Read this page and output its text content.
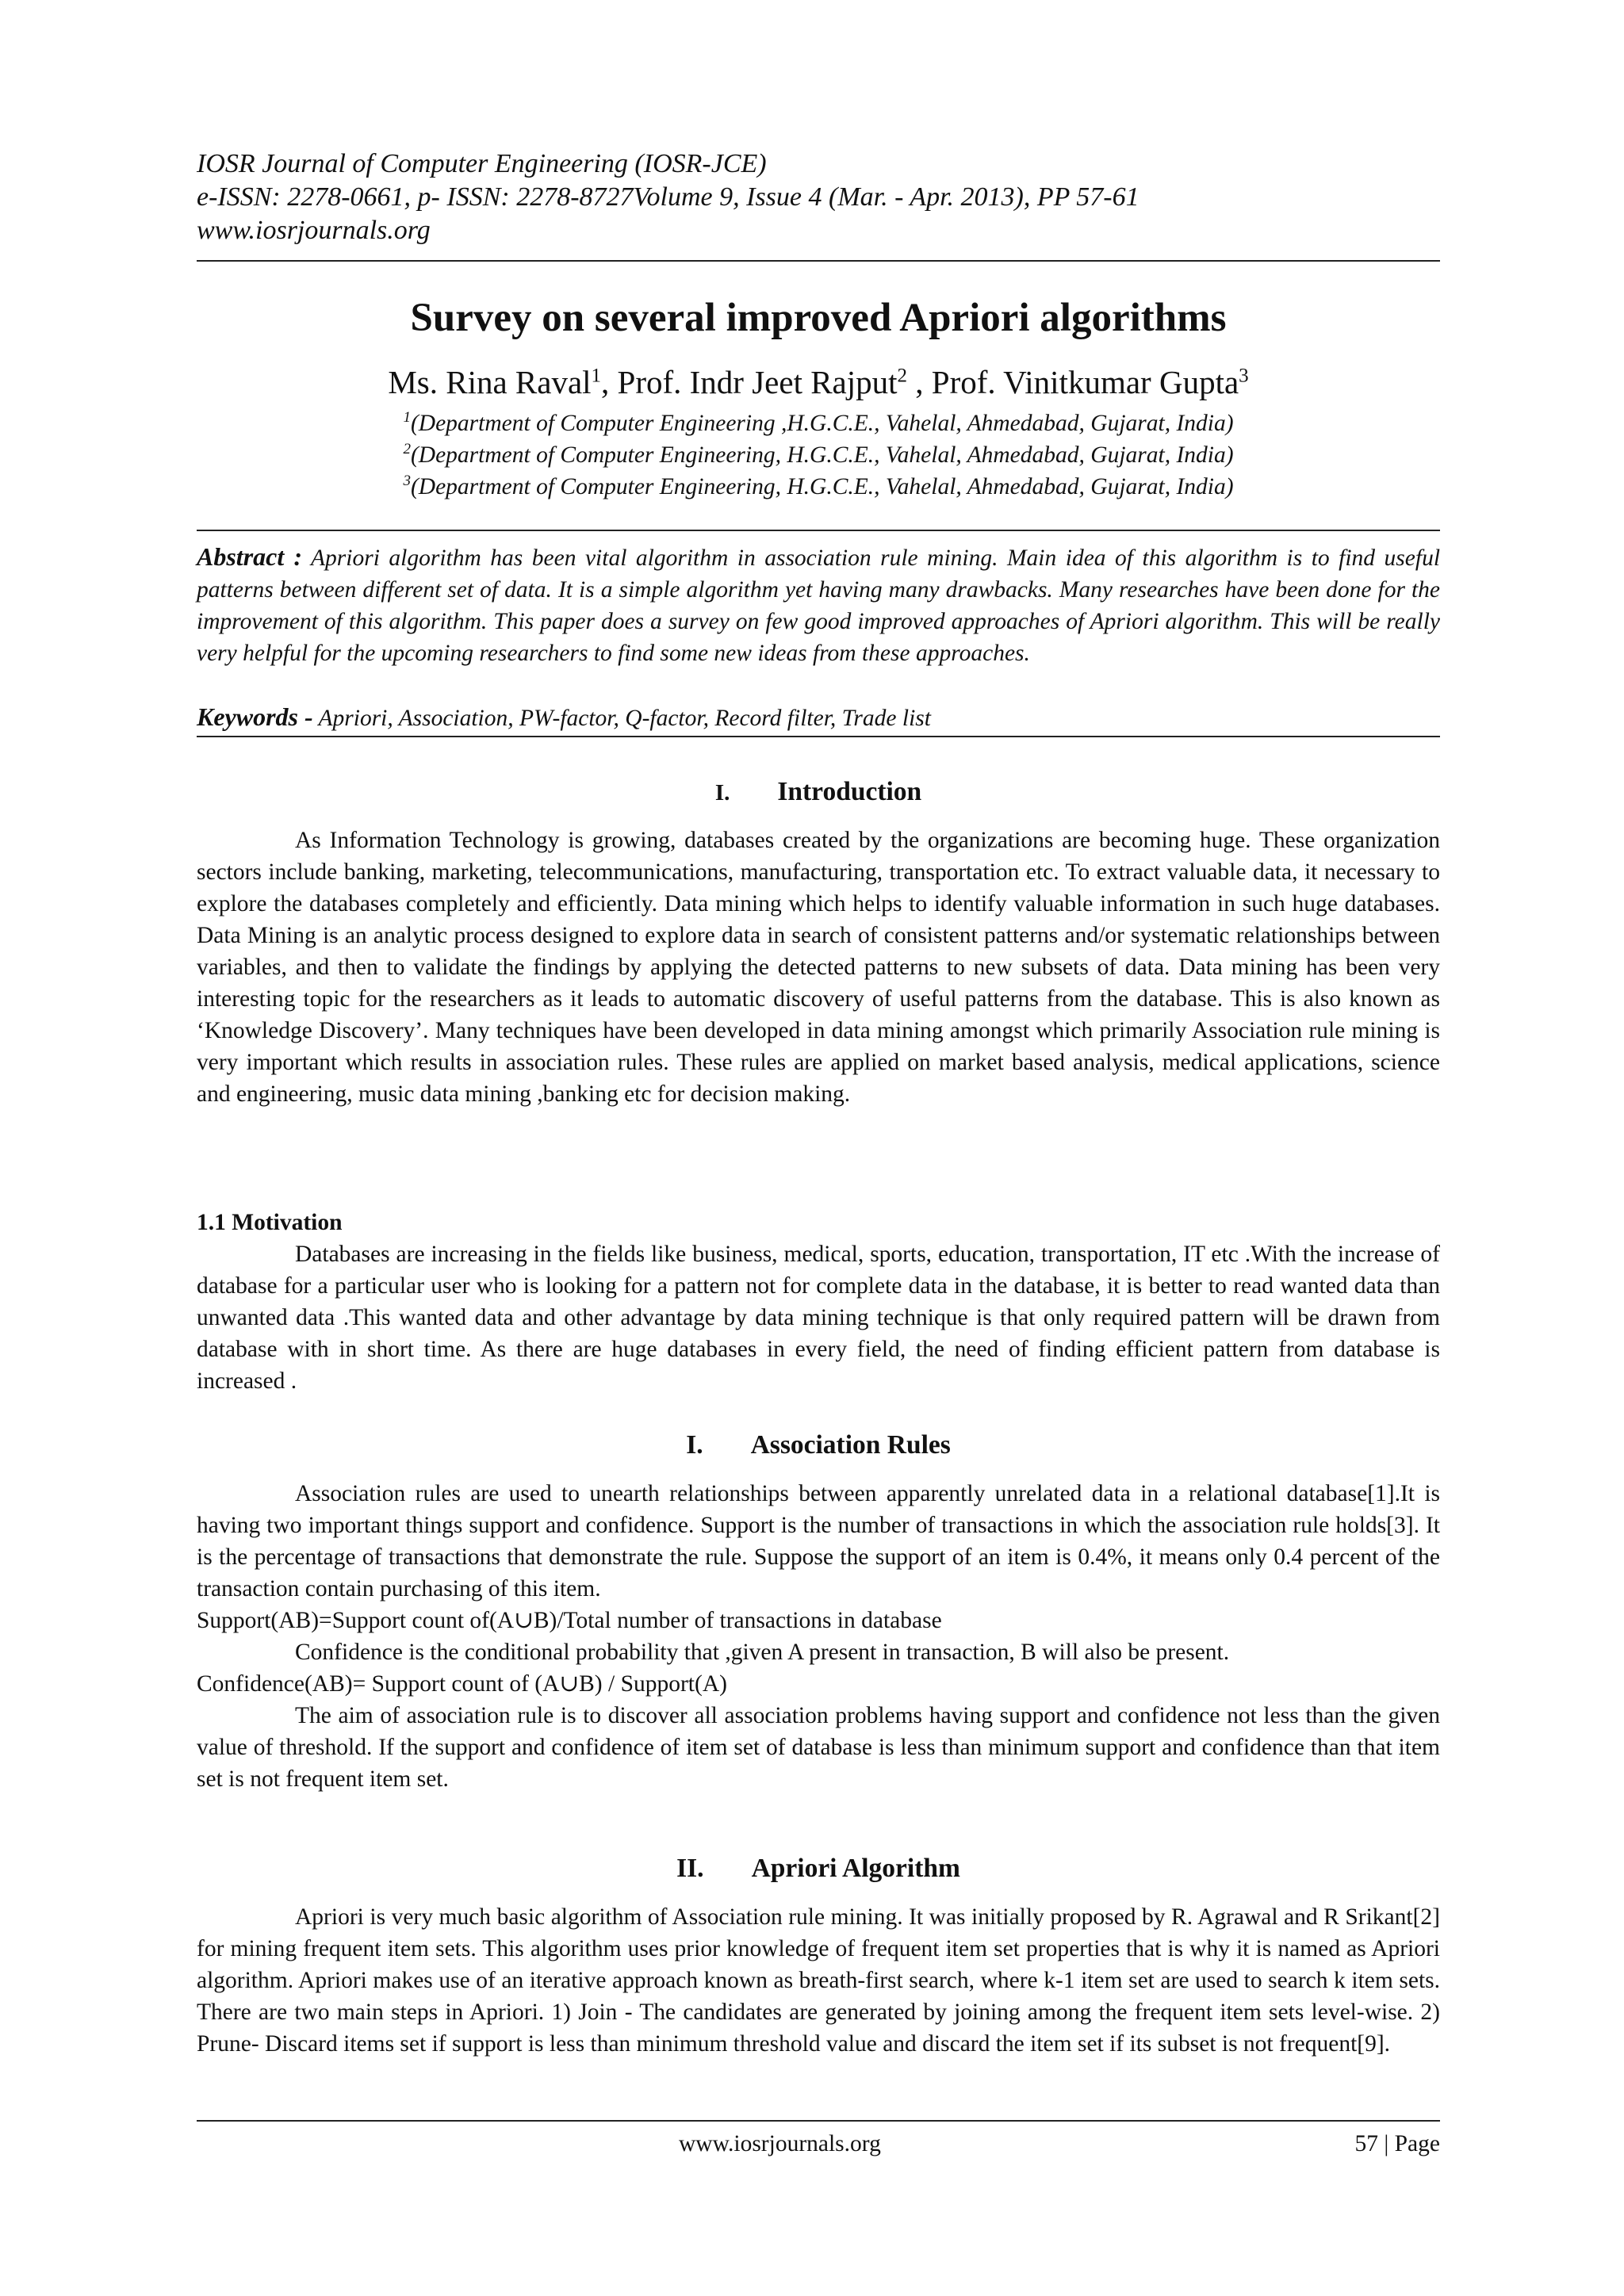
IOSR Journal of Computer Engineering (IOSR-JCE)
e-ISSN: 2278-0661, p- ISSN: 2278-8727Volume 9, Issue 4 (Mar. - Apr. 2013), PP 57-61
www.iosrjournals.org
Survey on several improved Apriori algorithms
Ms. Rina Raval$^1$, Prof. Indr Jeet Rajput$^2$ , Prof. Vinitkumar Gupta$^3$
$^1$(Department of Computer Engineering ,H.G.C.E., Vahelal, Ahmedabad, Gujarat, India)
$^2$(Department of Computer Engineering, H.G.C.E., Vahelal, Ahmedabad, Gujarat, India)
$^3$(Department of Computer Engineering, H.G.C.E., Vahelal, Ahmedabad, Gujarat, India)
Abstract : Apriori algorithm has been vital algorithm in association rule mining. Main idea of this algorithm is to find useful patterns between different set of data. It is a simple algorithm yet having many drawbacks. Many researches have been done for the improvement of this algorithm. This paper does a survey on few good improved approaches of Apriori algorithm. This will be really very helpful for the upcoming researchers to find some new ideas from these approaches.
Keywords - Apriori, Association, PW-factor, Q-factor, Record filter, Trade list
I. Introduction

As Information Technology is growing, databases created by the organizations are becoming huge. These organization sectors include banking, marketing, telecommunications, manufacturing, transportation etc. To extract valuable data, it necessary to explore the databases completely and efficiently. Data mining which helps to identify valuable information in such huge databases. Data Mining is an analytic process designed to explore data in search of consistent patterns and/or systematic relationships between variables, and then to validate the findings by applying the detected patterns to new subsets of data. Data mining has been very interesting topic for the researchers as it leads to automatic discovery of useful patterns from the database. This is also known as ‘Knowledge Discovery’. Many techniques have been developed in data mining amongst which primarily Association rule mining is very important which results in association rules. These rules are applied on market based analysis, medical applications, science and engineering, music data mining ,banking etc for decision making.

1.1 Motivation

Databases are increasing in the fields like business, medical, sports, education, transportation, IT etc .With the increase of database for a particular user who is looking for a pattern not for complete data in the database, it is better to read wanted data than unwanted data .This wanted data and other advantage by data mining technique is that only required pattern will be drawn from database with in short time. As there are huge databases in every field, the need of finding efficient pattern from database is increased .

I. Association Rules

Association rules are used to unearth relationships between apparently unrelated data in a relational database[1].It is having two important things support and confidence. Support is the number of transactions in which the association rule holds[3]. It is the percentage of transactions that demonstrate the rule. Suppose the support of an item is 0.4%, it means only 0.4 percent of the transaction contain purchasing of this item.

Support(AB)=Support count of(A∪B)/Total number of transactions in database

Confidence is the conditional probability that ,given A present in transaction, B will also be present.

Confidence(AB)= Support count of (A∪B) / Support(A)

The aim of association rule is to discover all association problems having support and confidence not less than the given value of threshold. If the support and confidence of item set of database is less than minimum support and confidence than that item set is not frequent item set.

II. Apriori Algorithm

Apriori is very much basic algorithm of Association rule mining. It was initially proposed by R. Agrawal and R Srikant[2] for mining frequent item sets. This algorithm uses prior knowledge of frequent item set properties that is why it is named as Apriori algorithm. Apriori makes use of an iterative approach known as breath-first search, where k-1 item set are used to search k item sets. There are two main steps in Apriori. 1) Join - The candidates are generated by joining among the frequent item sets level-wise. 2) Prune- Discard items set if support is less than minimum threshold value and discard the item set if its subset is not frequent[9].

www.iosrjournals.org	57 | Page
